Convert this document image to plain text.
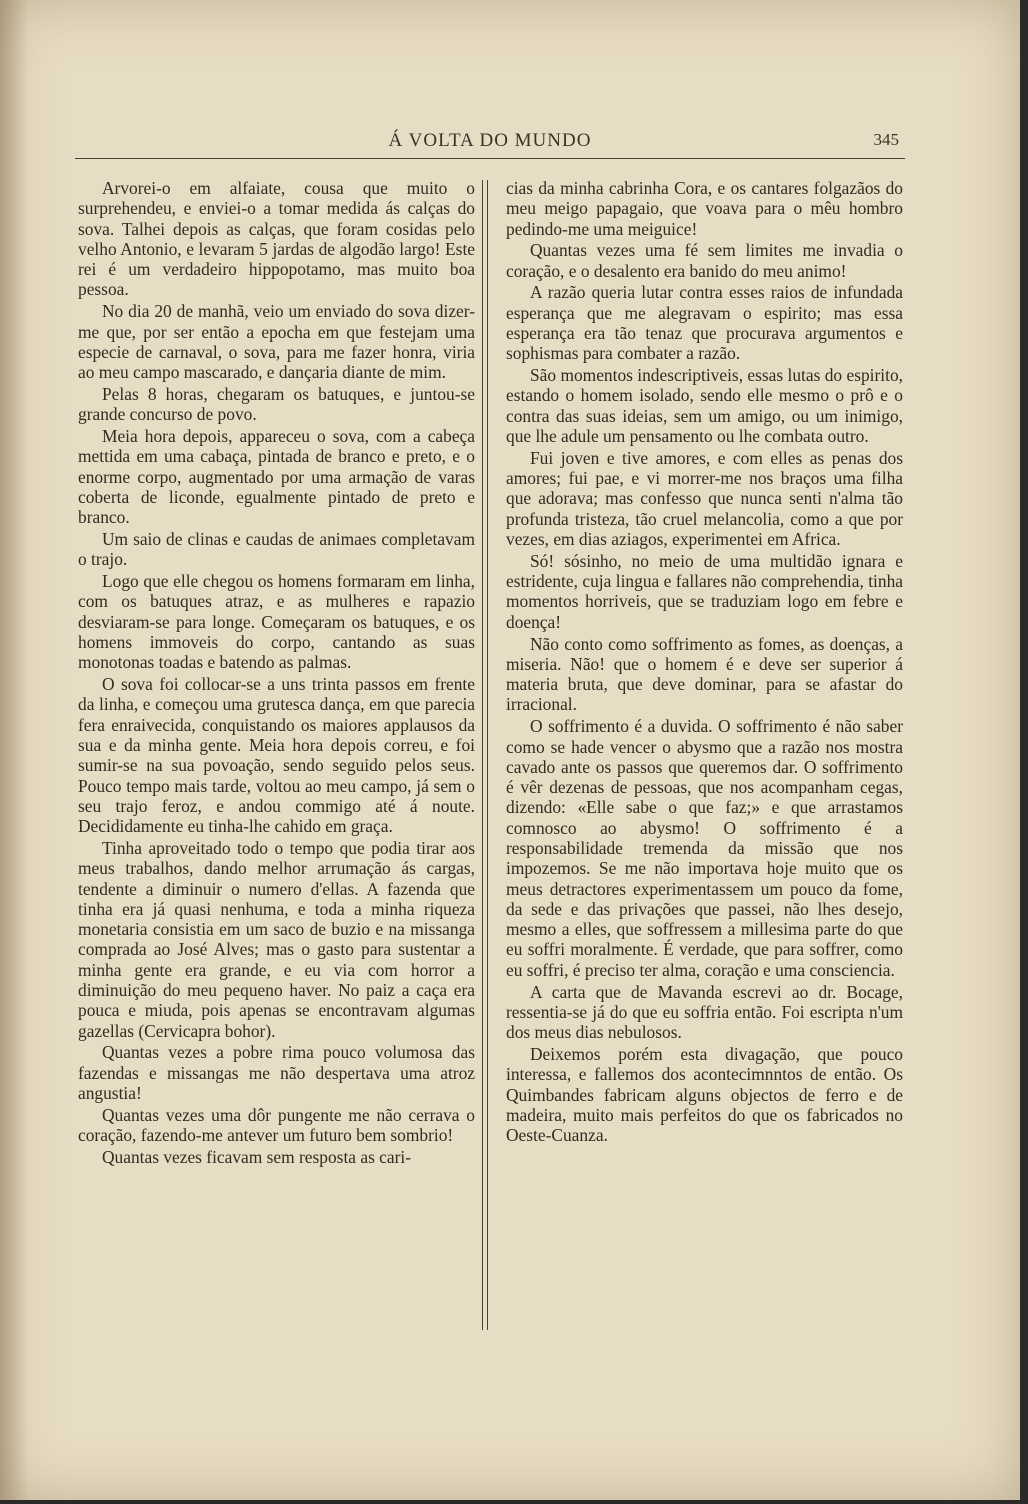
Á VOLTA DO MUNDO	345

Arvorei-o em alfaiate, cousa que muito o surprehendeu, e enviei-o a tomar medida ás calças do sova. Talhei depois as calças, que foram cosidas pelo velho Antonio, e levaram 5 jardas de algodão largo! Este rei é um verdadeiro hippopotamo, mas muito boa pessoa.

No dia 20 de manhã, veio um enviado do sova dizer-me que, por ser então a epocha em que festejam uma especie de carnaval, o sova, para me fazer honra, viria ao meu campo mascarado, e dançaria diante de mim.

Pelas 8 horas, chegaram os batuques, e juntou-se grande concurso de povo.

Meia hora depois, appareceu o sova, com a cabeça mettida em uma cabaça, pintada de branco e preto, e o enorme corpo, augmentado por uma armação de varas coberta de liconde, egualmente pintado de preto e branco.

Um saio de clinas e caudas de animaes completavam o trajo.

Logo que elle chegou os homens formaram em linha, com os batuques atraz, e as mulheres e rapazio desviaram-se para longe. Começaram os batuques, e os homens immoveis do corpo, cantando as suas monotonas toadas e batendo as palmas.

O sova foi collocar-se a uns trinta passos em frente da linha, e começou uma grutesca dança, em que parecia fera enraivecida, conquistando os maiores applausos da sua e da minha gente. Meia hora depois correu, e foi sumir-se na sua povoação, sendo seguido pelos seus. Pouco tempo mais tarde, voltou ao meu campo, já sem o seu trajo feroz, e andou commigo até á noute. Decididamente eu tinha-lhe cahido em graça.

Tinha aproveitado todo o tempo que podia tirar aos meus trabalhos, dando melhor arrumação ás cargas, tendente a diminuir o numero d'ellas. A fazenda que tinha era já quasi nenhuma, e toda a minha riqueza monetaria consistia em um saco de buzio e na missanga comprada ao José Alves; mas o gasto para sustentar a minha gente era grande, e eu via com horror a diminuição do meu pequeno haver. No paiz a caça era pouca e miuda, pois apenas se encontravam algumas gazellas (Cervicapra bohor).

Quantas vezes a pobre rima pouco volumosa das fazendas e missangas me não despertava uma atroz angustia!

Quantas vezes uma dôr pungente me não cerrava o coração, fazendo-me antever um futuro bem sombrio!

Quantas vezes ficavam sem resposta as cari-

cias da minha cabrinha Cora, e os cantares folgazãos do meu meigo papagaio, que voava para o mêu hombro pedindo-me uma meiguice!

Quantas vezes uma fé sem limites me invadia o coração, e o desalento era banido do meu animo!

A razão queria lutar contra esses raios de infundada esperança que me alegravam o espirito; mas essa esperança era tão tenaz que procurava argumentos e sophismas para combater a razão.

São momentos indescriptiveis, essas lutas do espirito, estando o homem isolado, sendo elle mesmo o prô e o contra das suas ideias, sem um amigo, ou um inimigo, que lhe adule um pensamento ou lhe combata outro.

Fui joven e tive amores, e com elles as penas dos amores; fui pae, e vi morrer-me nos braços uma filha que adorava; mas confesso que nunca senti n'alma tão profunda tristeza, tão cruel melancolia, como a que por vezes, em dias aziagos, experimentei em Africa.

Só! sósinho, no meio de uma multidão ignara e estridente, cuja lingua e fallares não comprehendia, tinha momentos horriveis, que se traduziam logo em febre e doença!

Não conto como soffrimento as fomes, as doenças, a miseria. Não! que o homem é e deve ser superior á materia bruta, que deve dominar, para se afastar do irracional.

O soffrimento é a duvida. O soffrimento é não saber como se hade vencer o abysmo que a razão nos mostra cavado ante os passos que queremos dar. O soffrimento é vêr dezenas de pessoas, que nos acompanham cegas, dizendo: «Elle sabe o que faz;» e que arrastamos comnosco ao abysmo! O soffrimento é a responsabilidade tremenda da missão que nos impozemos. Se me não importava hoje muito que os meus detractores experimentassem um pouco da fome, da sede e das privações que passei, não lhes desejo, mesmo a elles, que soffressem a millesima parte do que eu soffri moralmente. É verdade, que para soffrer, como eu soffri, é preciso ter alma, coração e uma consciencia.

A carta que de Mavanda escrevi ao dr. Bocage, ressentia-se já do que eu soffria então. Foi escripta n'um dos meus dias nebulosos.

Deixemos porém esta divagação, que pouco interessa, e fallemos dos acontecimnntos de então. Os Quimbandes fabricam alguns objectos de ferro e de madeira, muito mais perfeitos do que os fabricados no Oeste-Cuanza.
